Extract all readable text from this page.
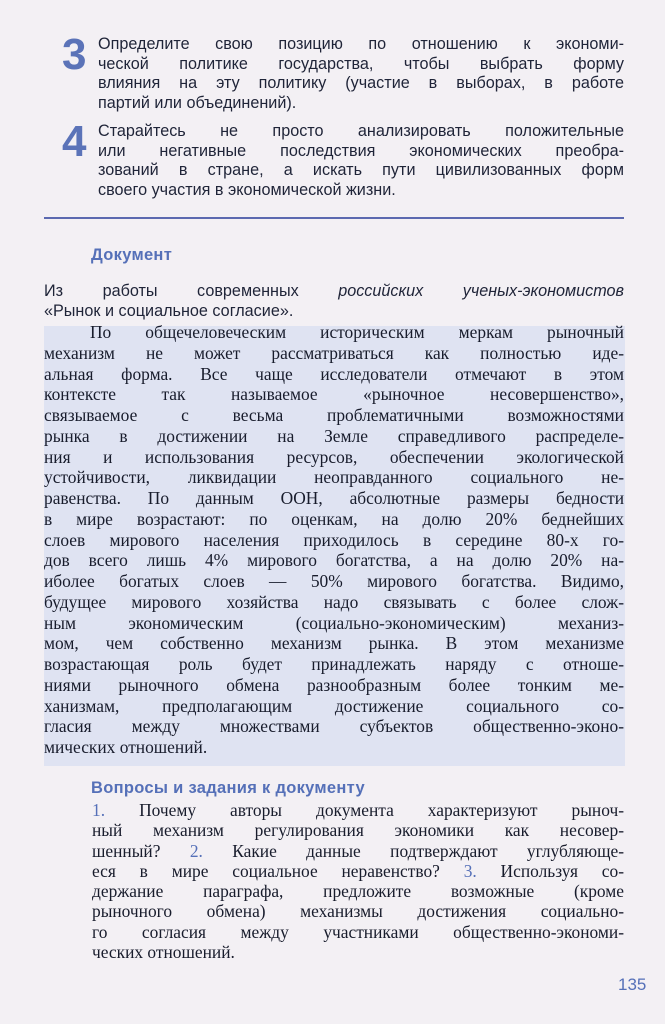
3 Определите свою позицию по отношению к экономи-
ческой политике государства, чтобы выбрать форму
влияния на эту политику (участие в выборах, в работе
партий или объединений).
4 Старайтесь не просто анализировать положительные
или негативные последствия экономических преобра-
зований в стране, а искать пути цивилизованных форм
своего участия в экономической жизни.
Документ
Из работы современных российских ученых-экономистов
«Рынок и социальное согласие».
По общечеловеческим историческим меркам рыночный
механизм не может рассматриваться как полностью иде-
альная форма. Все чаще исследователи отмечают в этом
контексте так называемое «рыночное несовершенство»,
связываемое с весьма проблематичными возможностями
рынка в достижении на Земле справедливого распределе-
ния и использования ресурсов, обеспечении экологической
устойчивости, ликвидации неоправданного социального не-
равенства. По данным ООН, абсолютные размеры бедности
в мире возрастают: по оценкам, на долю 20% беднейших
слоев мирового населения приходилось в середине 80-х го-
дов всего лишь 4% мирового богатства, а на долю 20% на-
иболее богатых слоев — 50% мирового богатства. Видимо,
будущее мирового хозяйства надо связывать с более слож-
ным экономическим (социально-экономическим) механиз-
мом, чем собственно механизм рынка. В этом механизме
возрастающая роль будет принадлежать наряду с отноше-
ниями рыночного обмена разнообразным более тонким ме-
ханизмам, предполагающим достижение социального со-
гласия между множествами субъектов общественно-эконо-
мических отношений.
Вопросы и задания к документу
1. Почему авторы документа характеризуют рыноч-
ный механизм регулирования экономики как несовер-
шенный? 2. Какие данные подтверждают углубляюще-
еся в мире социальное неравенство? 3. Используя со-
держание параграфа, предложите возможные (кроме
рыночного обмена) механизмы достижения социально-
го согласия между участниками общественно-экономи-
ческих отношений.
135
